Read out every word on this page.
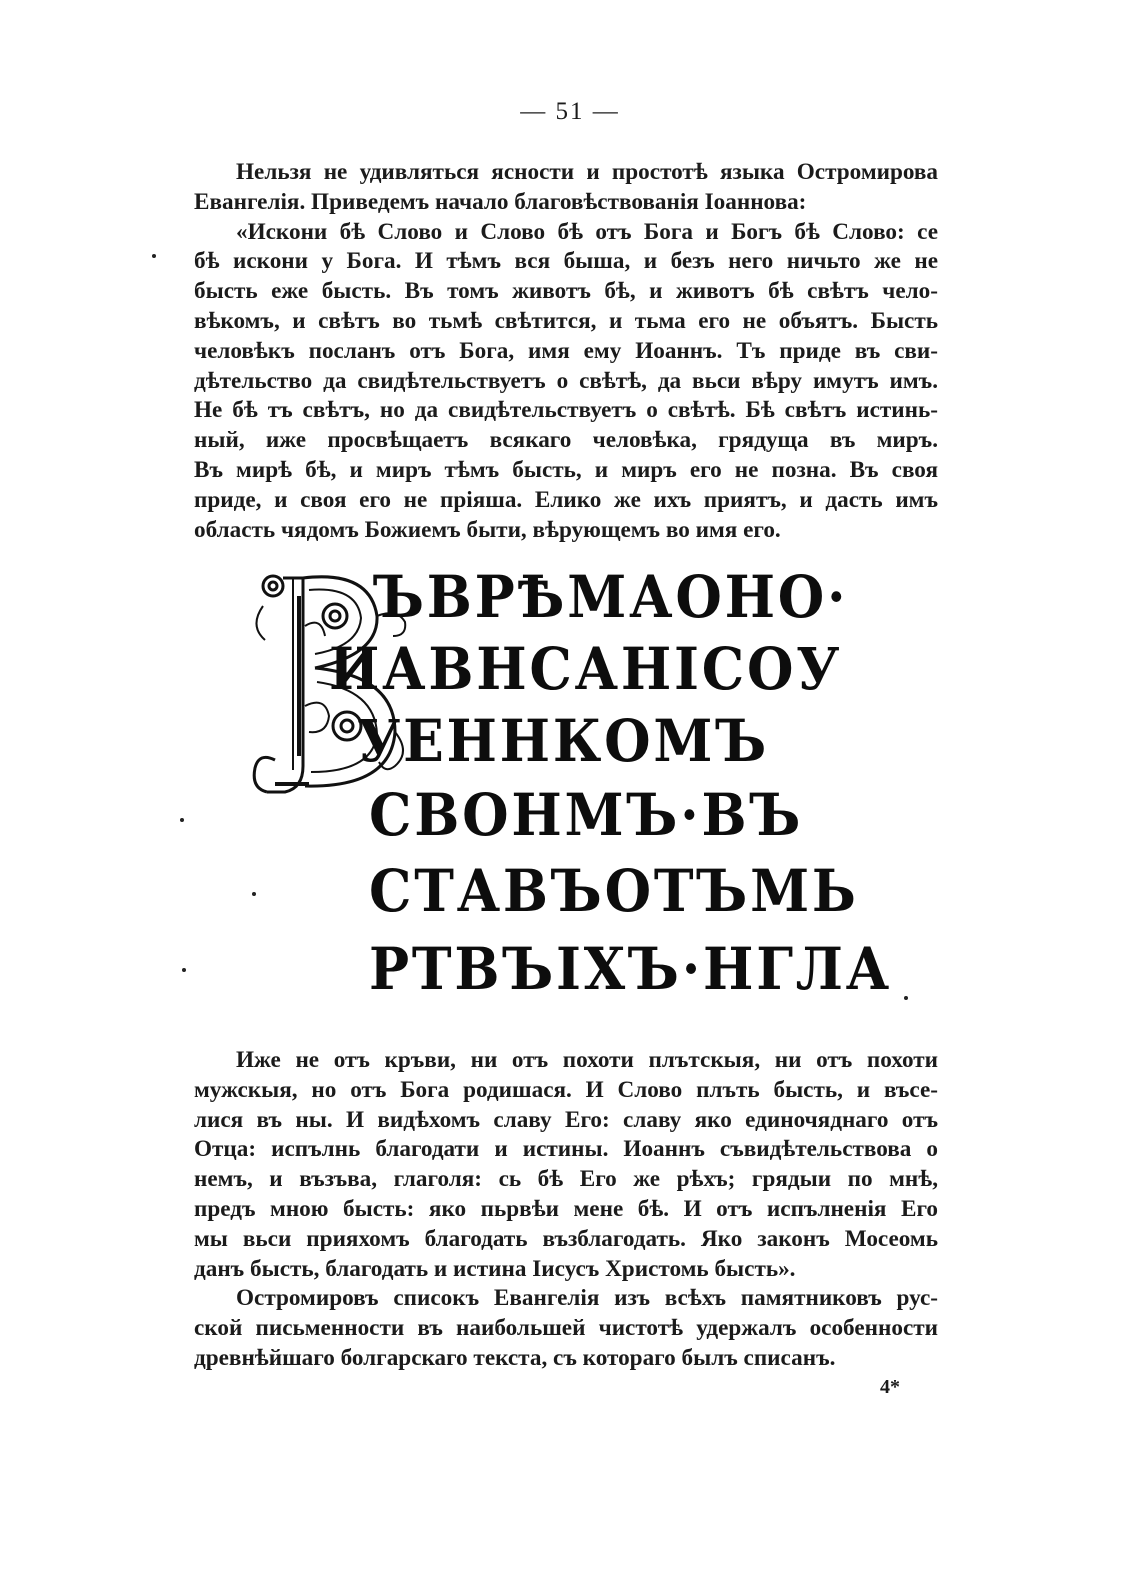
— 51 —
Нельзя не удивляться ясности и простотѣ языка Остромирова
Евангелія. Приведемъ начало благовѣствованія Іоаннова:
«Искони бѣ Слово и Слово бѣ отъ Бога и Богъ бѣ Слово: се
бѣ искони у Бога. И тѣмъ вся быша, и безъ него ничьто же не
бысть еже бысть. Въ томъ животъ бѣ, и животъ бѣ свѣтъ чело-
вѣкомъ, и свѣтъ во тьмѣ свѣтится, и тьма его не объятъ. Бысть
человѣкъ посланъ отъ Бога, имя ему Иоаннъ. Тъ приде въ сви-
дѣтельство да свидѣтельствуетъ о свѣтѣ, да вьси вѣру имутъ имъ.
Не бѣ тъ свѣтъ, но да свидѣтельствуетъ о свѣтѣ. Бѣ свѣтъ истинь-
ный, иже просвѣщаетъ всякаго человѣка, грядуща въ миръ.
Въ мирѣ бѣ, и миръ тѣмъ бысть, и миръ его не позна. Въ своя
приде, и своя его не пріяша. Елико же ихъ приятъ, и дасть имъ
область чядомъ Божиемъ быти, вѣрующемъ во имя его.
ЪВРѢМАОНО·
ИАВНСАНІСОУ
УЕННКОМЪ
СВОНМЪ·ВЪ
СТАВЪОТЪМЬ
РТВЪІХЪ·НГЛА
Иже не отъ кръви, ни отъ похоти плътскыя, ни отъ похоти
мужскыя, но отъ Бога родишася. И Слово плъть бысть, и въсе-
лися въ ны. И видѣхомъ славу Его: славу яко единочяднаго отъ
Отца: испълнь благодати и истины. Иоаннъ съвидѣтельствова о
немъ, и възъва, глаголя: сь бѣ Его же рѣхъ; грядыи по мнѣ,
предъ мною бысть: яко пьрвѣи мене бѣ. И отъ испълненія Его
мы вьси прияхомъ благодать възблагодать. Яко законъ Мосеомь
данъ бысть, благодать и истина Іисусъ Христомь бысть».
Остромировъ списокъ Евангелія изъ всѣхъ памятниковъ рус-
ской письменности въ наибольшей чистотѣ удержалъ особенности
древнѣйшаго болгарскаго текста, съ котораго былъ списанъ.
4*
